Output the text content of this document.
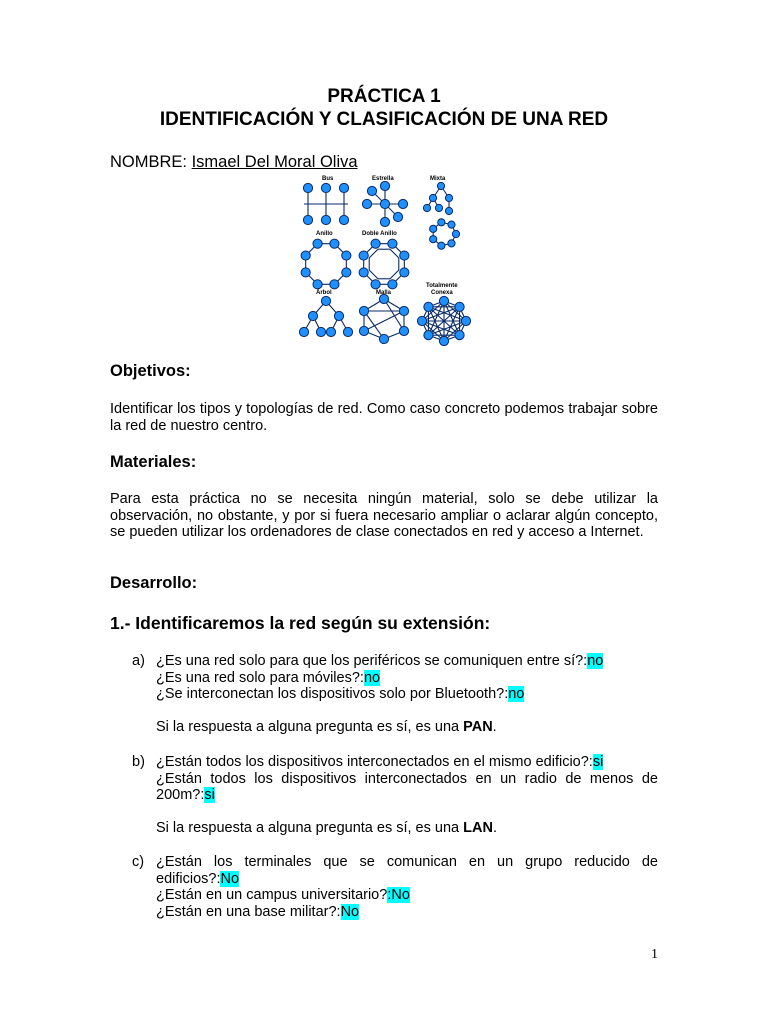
PRÁCTICA 1
IDENTIFICACIÓN Y CLASIFICACIÓN DE UNA RED
NOMBRE: Ismael Del Moral Oliva
Bus	Estrella	Mixta
Anillo	Doble Anillo
Árbol	Malla
Totalmente
Conexa
Objetivos:
Identificar los tipos y topologías de red. Como caso concreto podemos trabajar sobre la red de nuestro centro.
Materiales:
Para esta práctica no se necesita ningún material, solo se debe utilizar la observación, no obstante, y por si fuera necesario ampliar o aclarar algún concepto, se pueden utilizar los ordenadores de clase conectados en red y acceso a Internet.
Desarrollo:
1.- Identificaremos la red según su extensión:
a) ¿Es una red solo para que los periféricos se comuniquen entre sí?:no
¿Es una red solo para móviles?:no
¿Se interconectan los dispositivos solo por Bluetooth?:no
Si la respuesta a alguna pregunta es sí, es una PAN.
b) ¿Están todos los dispositivos interconectados en el mismo edificio?:si
¿Están todos los dispositivos interconectados en un radio de menos de 200m?:si
Si la respuesta a alguna pregunta es sí, es una LAN.
c) ¿Están los terminales que se comunican en un grupo reducido de edificios?:No
¿Están en un campus universitario?:No
¿Están en una base militar?:No
1
